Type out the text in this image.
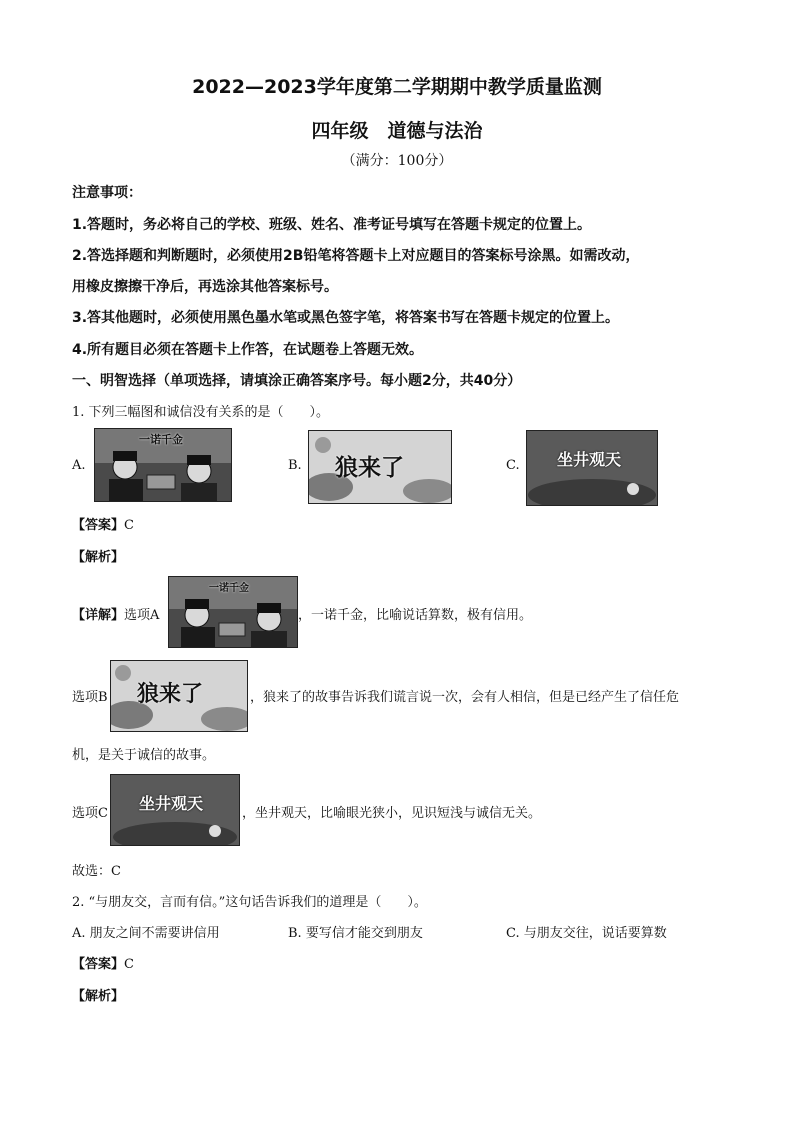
2022—2023学年度第二学期期中教学质量监测
四年级　道德与法治
（满分：100分）
注意事项：
1.答题时，务必将自己的学校、班级、姓名、准考证号填写在答题卡规定的位置上。
2.答选择题和判断题时，必须使用2B铅笔将答题卡上对应题目的答案标号涂黑。如需改动，
用橡皮擦擦干净后，再选涂其他答案标号。
3.答其他题时，必须使用黑色墨水笔或黑色签字笔，将答案书写在答题卡规定的位置上。
4.所有题目必须在答题卡上作答，在试题卷上答题无效。
一、明智选择（单项选择，请填涂正确答案序号。每小题2分，共40分）
1. 下列三幅图和诚信没有关系的是（　　）。
A.
一诺千金
B. 狼来了	C. 坐井观天
【答案】C
【解析】
【详解】选项A
一诺千金
，一诺千金，比喻说话算数，极有信用。
选项B 狼来了	，狼来了的故事告诉我们谎言说一次，会有人相信，但是已经产生了信任危
机，是关于诚信的故事。
选项C
坐井观天
，坐井观天，比喻眼光狭小，见识短浅与诚信无关。
故选：C
2. “与朋友交，言而有信。”这句话告诉我们的道理是（　　）。
A. 朋友之间不需要讲信用	B. 要写信才能交到朋友	C. 与朋友交往，说话要算数
【答案】C
【解析】
